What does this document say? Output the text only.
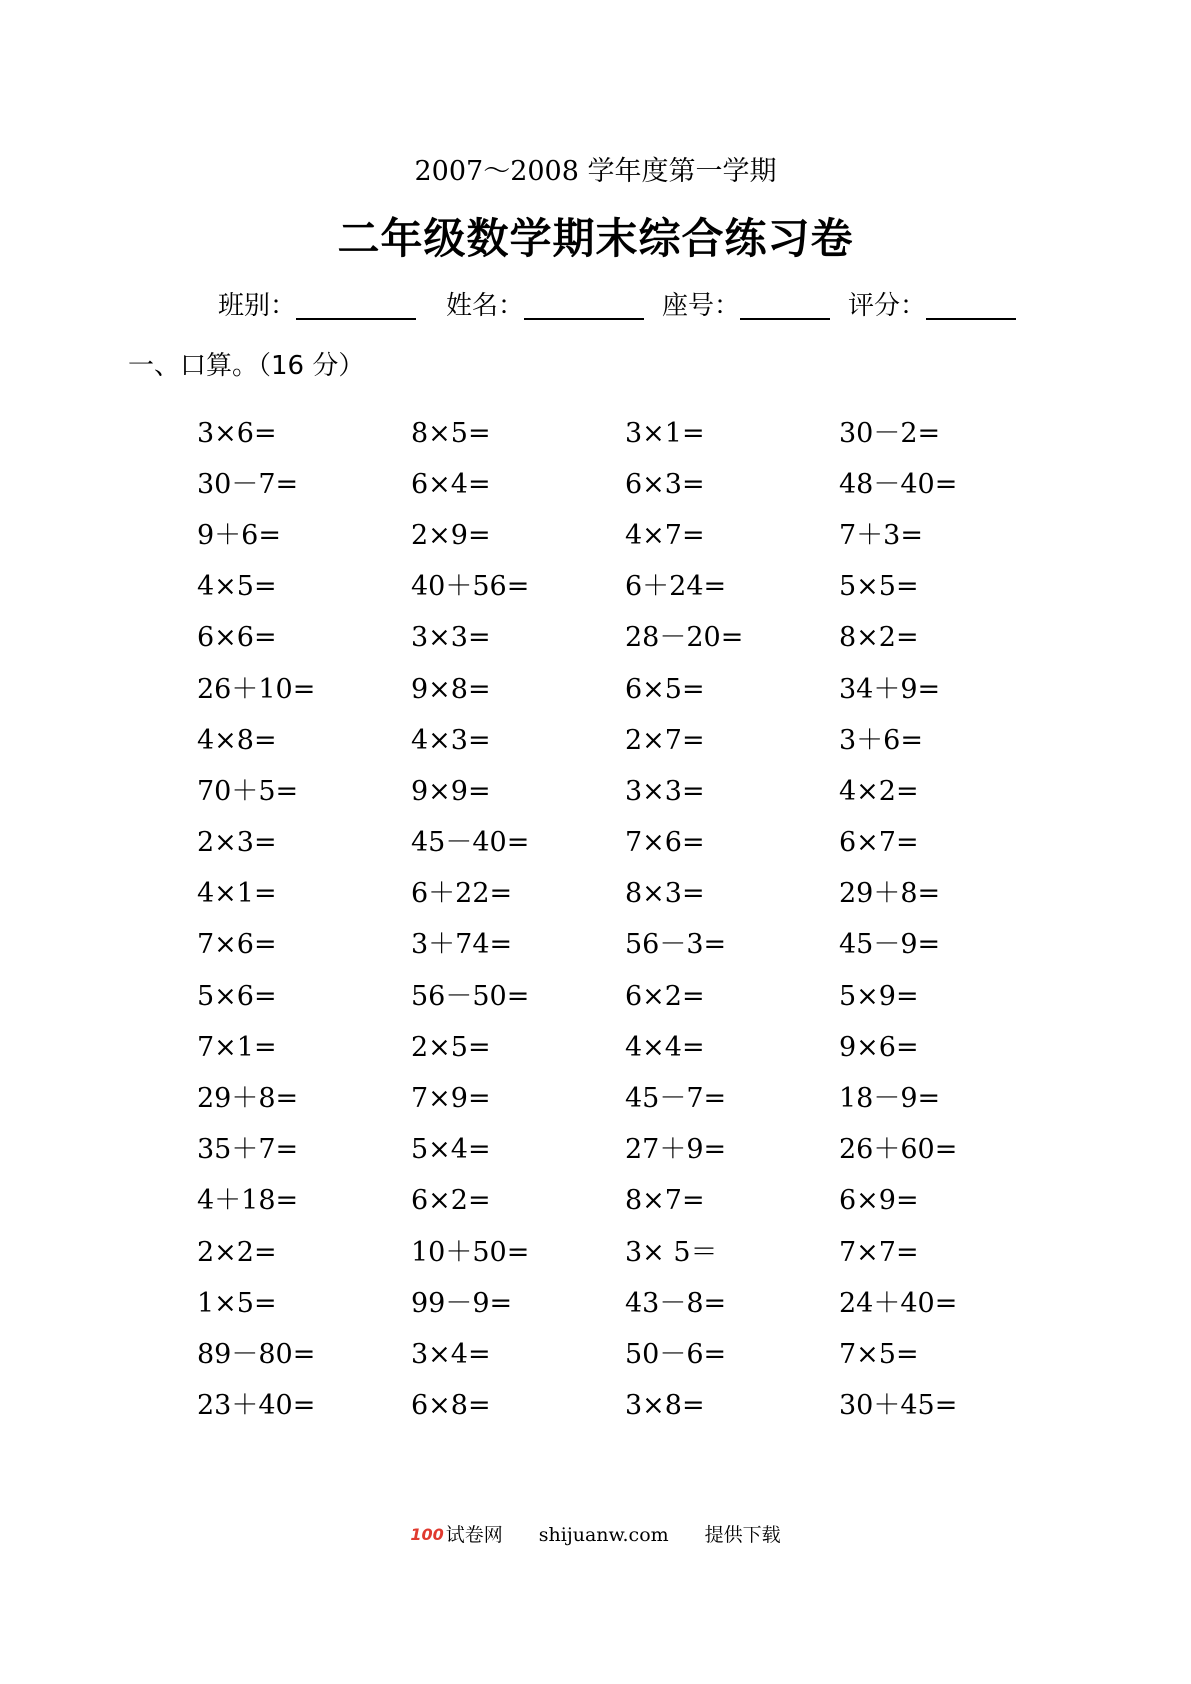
2007～2008 学年度第一学期
二年级数学期末综合练习卷
班别：	姓名：	座号：	评分：
一、口算。（16 分）
3×6=	8×5=	3×1=	30－2=
30－7=	6×4=	6×3=	48－40=
9＋6=	2×9=	4×7=	7＋3=
4×5=	40＋56=	6＋24=	5×5=
6×6=	3×3=	28－20=	8×2=
26＋10=	9×8=	6×5=	34＋9=
4×8=	4×3=	2×7=	3＋6=
70＋5=	9×9=	3×3=	4×2=
2×3=	45－40=	7×6=	6×7=
4×1=	6＋22=	8×3=	29＋8=
7×6=	3＋74=	56－3=	45－9=
5×6=	56－50=	6×2=	5×9=
7×1=	2×5=	4×4=	9×6=
29＋8=	7×9=	45－7=	18－9=
35＋7=	5×4=	27＋9=	26＋60=
4＋18=	6×2=	8×7=	6×9=
2×2=	10＋50=	3× 5＝	7×7=
1×5=	99－9=	43－8=	24＋40=
89－80=	3×4=	50－6=	7×5=
23＋40=	6×8=	3×8=	30＋45=
100 试卷网 shijuanw.com 提供下载
